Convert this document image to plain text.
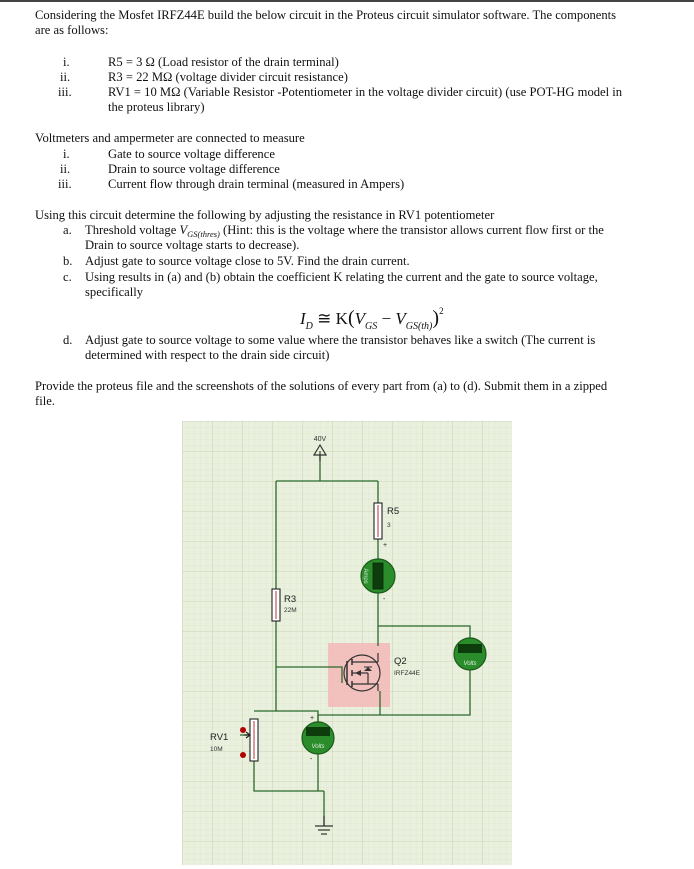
Considering the Mosfet IRFZ44E build the below circuit in the Proteus circuit simulator software. The components
are as follows:
i.	R5 = 3 Ω (Load resistor of the drain terminal)
ii.	R3 = 22 MΩ (voltage divider circuit resistance)
iii.	RV1 = 10 MΩ (Variable Resistor -Potentiometer in the voltage divider circuit) (use POT-HG model in
the proteus library)
Voltmeters and ampermeter are connected to measure
i.	Gate to source voltage difference
ii.	Drain to source voltage difference
iii.	Current flow through drain terminal (measured in Ampers)
Using this circuit determine the following by adjusting the resistance in RV1 potentiometer
a. Threshold voltage $V_{GS(thres)}$ (Hint: this is the voltage where the transistor allows current flow first or the
Drain to source voltage starts to decrease).
b. Adjust gate to source voltage close to 5V. Find the drain current.
c. Using results in (a) and (b) obtain the coefficient K relating the current and the gate to source voltage,
specifically
$I_D$ ≅ $K(V_{GS} - V_{GS(th)})^2$
d. Adjust gate to source voltage to some value where the transistor behaves like a switch (The current is
determined with respect to the drain side circuit)
Provide the proteus file and the screenshots of the solutions of every part from (a) to (d). Submit them in a zipped
file.
40V
R5
3
Amps
+
-
R3
22M
Q2
IRFZ44E
Volts
Volts
+
-
RV1
10M
